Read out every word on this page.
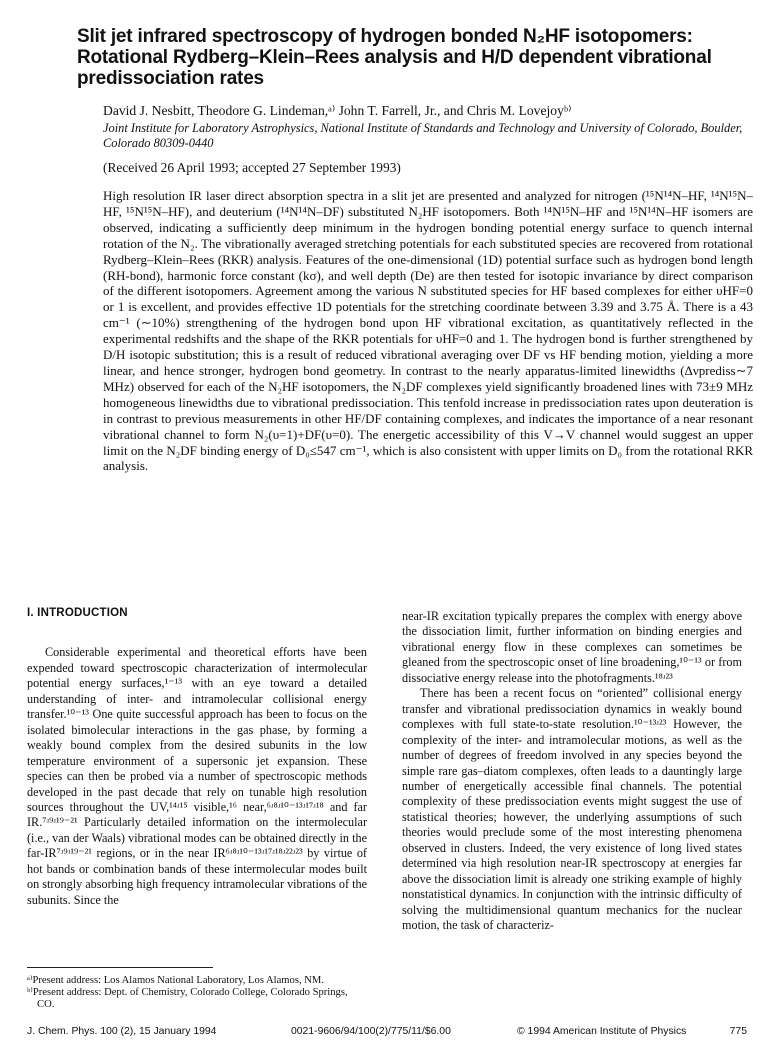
Slit jet infrared spectroscopy of hydrogen bonded N₂HF isotopomers: Rotational Rydberg–Klein–Rees analysis and H/D dependent vibrational predissociation rates
David J. Nesbitt, Theodore G. Lindeman,ᵃ⁾ John T. Farrell, Jr., and Chris M. Lovejoyᵇ⁾
Joint Institute for Laboratory Astrophysics, National Institute of Standards and Technology and University of Colorado, Boulder, Colorado 80309-0440
(Received 26 April 1993; accepted 27 September 1993)
High resolution IR laser direct absorption spectra in a slit jet are presented and analyzed for nitrogen (¹⁵N¹⁴N–HF, ¹⁴N¹⁵N–HF, ¹⁵N¹⁵N–HF), and deuterium (¹⁴N¹⁴N–DF) substituted N₂HF isotopomers. Both ¹⁴N¹⁵N–HF and ¹⁵N¹⁴N–HF isomers are observed, indicating a sufficiently deep minimum in the hydrogen bonding potential energy surface to quench internal rotation of the N₂. The vibrationally averaged stretching potentials for each substituted species are recovered from rotational Rydberg–Klein–Rees (RKR) analysis. Features of the one-dimensional (1D) potential surface such as hydrogen bond length (RΗ-bond), harmonic force constant (kσ), and well depth (De) are then tested for isotopic invariance by direct comparison of the different isotopomers. Agreement among the various N substituted species for HF based complexes for either υHF=0 or 1 is excellent, and provides effective 1D potentials for the stretching coordinate between 3.39 and 3.75 Å. There is a 43 cm⁻¹ (∼10%) strengthening of the hydrogen bond upon HF vibrational excitation, as quantitatively reflected in the experimental redshifts and the shape of the RKR potentials for υHF=0 and 1. The hydrogen bond is further strengthened by D/H isotopic substitution; this is a result of reduced vibrational averaging over DF vs HF bending motion, yielding a more linear, and hence stronger, hydrogen bond geometry. In contrast to the nearly apparatus-limited linewidths (Δνprediss∼7 MHz) observed for each of the N₂HF isotopomers, the N₂DF complexes yield significantly broadened lines with 73±9 MHz homogeneous linewidths due to vibrational predissociation. This tenfold increase in predissociation rates upon deuteration is in contrast to previous measurements in other HF/DF containing complexes, and indicates the importance of a near resonant vibrational channel to form N₂(υ=1)+DF(υ=0). The energetic accessibility of this V→V channel would suggest an upper limit on the N₂DF binding energy of D₀≤547 cm⁻¹, which is also consistent with upper limits on D₀ from the rotational RKR analysis.
I. INTRODUCTION

Considerable experimental and theoretical efforts have been expended toward spectroscopic characterization of intermolecular potential energy surfaces,¹⁻¹³ with an eye toward a detailed understanding of inter- and intramolecular collisional energy transfer.¹⁰⁻¹³ One quite successful approach has been to focus on the isolated bimolecular interactions in the gas phase, by forming a weakly bound complex from the desired subunits in the low temperature environment of a supersonic jet expansion. These species can then be probed via a number of spectroscopic methods developed in the past decade that rely on tunable high resolution sources throughout the UV,¹⁴ʴ¹⁵ visible,¹⁶ near,⁶ʴ⁸ʴ¹⁰⁻¹³ʴ¹⁷ʴ¹⁸ and far IR.⁷ʴ⁹ʴ¹⁹⁻²¹ Particularly detailed information on the intermolecular (i.e., van der Waals) vibrational modes can be obtained directly in the far-IR⁷ʴ⁹ʴ¹⁹⁻²¹ regions, or in the near IR⁶ʴ⁸ʴ¹⁰⁻¹³ʴ¹⁷ʴ¹⁸ʴ²²ʴ²³ by virtue of hot bands or combination bands of these intermolecular modes built on strongly absorbing high frequency intramolecular vibrations of the subunits. Since the

near-IR excitation typically prepares the complex with energy above the dissociation limit, further information on binding energies and vibrational energy flow in these complexes can sometimes be gleaned from the spectroscopic onset of line broadening,¹⁰⁻¹³ or from dissociative energy release into the photofragments.¹⁸ʴ²³

There has been a recent focus on “oriented” collisional energy transfer and vibrational predissociation dynamics in weakly bound complexes with full state-to-state resolution.¹⁰⁻¹³ʴ²³ However, the complexity of the inter- and intramolecular motions, as well as the number of degrees of freedom involved in any species beyond the simple rare gas–diatom complexes, often leads to a dauntingly large number of energetically accessible final channels. The potential complexity of these predissociation events might suggest the use of statistical theories; however, the underlying assumptions of such theories would preclude some of the most interesting phenomena observed in clusters. Indeed, the very existence of long lived states determined via high resolution near-IR spectroscopy at energies far above the dissociation limit is already one striking example of highly nonstatistical dynamics. In conjunction with the intrinsic difficulty of solving the multidimensional quantum mechanics for the nuclear motion, the task of characteriz-

ᵃ⁾Present address: Los Alamos National Laboratory, Los Alamos, NM.
ᵇ⁾Present address: Dept. of Chemistry, Colorado College, Colorado Springs, CO.
J. Chem. Phys. 100 (2), 15 January 1994	0021-9606/94/100(2)/775/11/$6.00	© 1994 American Institute of Physics	775
